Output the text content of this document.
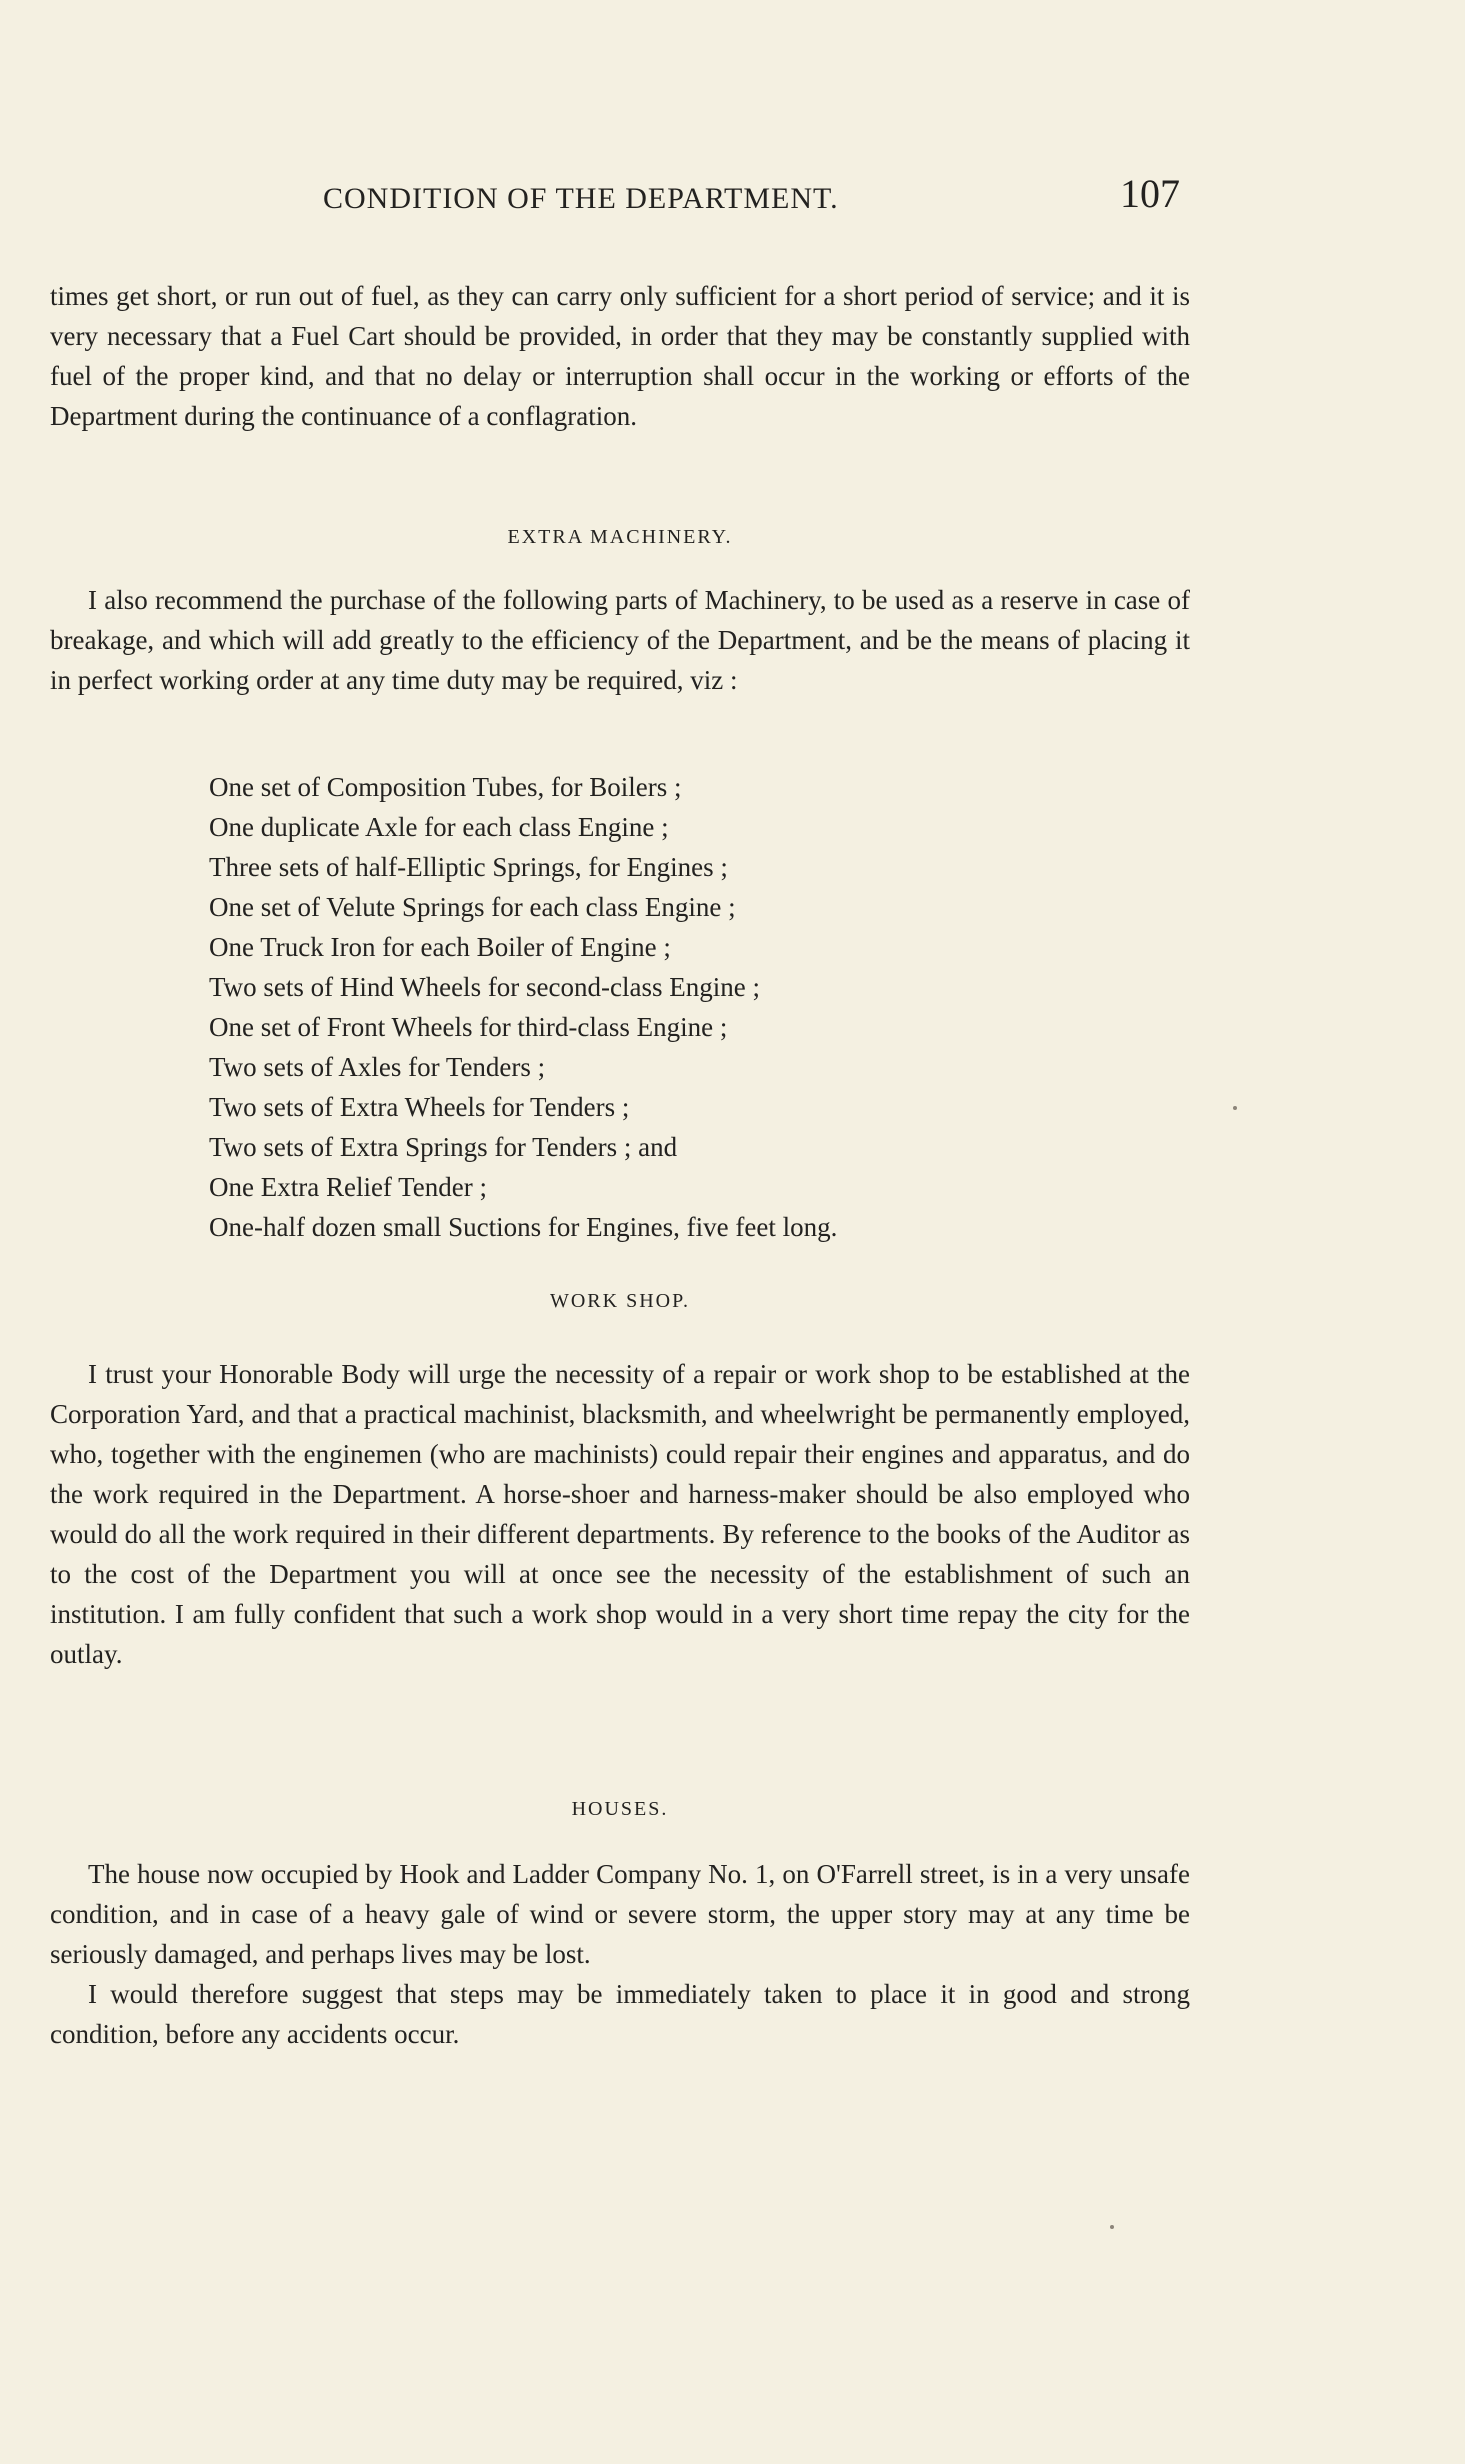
CONDITION OF THE DEPARTMENT.	107

times get short, or run out of fuel, as they can carry only sufficient for a short period of service; and it is very necessary that a Fuel Cart should be provided, in order that they may be constantly supplied with fuel of the proper kind, and that no delay or interruption shall occur in the working or efforts of the Department during the continuance of a conflagration.

EXTRA MACHINERY.

I also recommend the purchase of the following parts of Machinery, to be used as a reserve in case of breakage, and which will add greatly to the efficiency of the Department, and be the means of placing it in perfect working order at any time duty may be required, viz :

One set of Composition Tubes, for Boilers ;
One duplicate Axle for each class Engine ;
Three sets of half-Elliptic Springs, for Engines ;
One set of Velute Springs for each class Engine ;
One Truck Iron for each Boiler of Engine ;
Two sets of Hind Wheels for second-class Engine ;
One set of Front Wheels for third-class Engine ;
Two sets of Axles for Tenders ;
Two sets of Extra Wheels for Tenders ;
Two sets of Extra Springs for Tenders ; and
One Extra Relief Tender ;
One-half dozen small Suctions for Engines, five feet long.
WORK SHOP.

I trust your Honorable Body will urge the necessity of a repair or work shop to be established at the Corporation Yard, and that a practical machinist, blacksmith, and wheelwright be permanently employed, who, together with the enginemen (who are machinists) could repair their engines and apparatus, and do the work required in the Department. A horse-shoer and harness-maker should be also employed who would do all the work required in their different departments. By reference to the books of the Auditor as to the cost of the Department you will at once see the necessity of the establishment of such an institution. I am fully confident that such a work shop would in a very short time repay the city for the outlay.

HOUSES.

The house now occupied by Hook and Ladder Company No. 1, on O'Farrell street, is in a very unsafe condition, and in case of a heavy gale of wind or severe storm, the upper story may at any time be seriously damaged, and perhaps lives may be lost.

I would therefore suggest that steps may be immediately taken to place it in good and strong condition, before any accidents occur.
